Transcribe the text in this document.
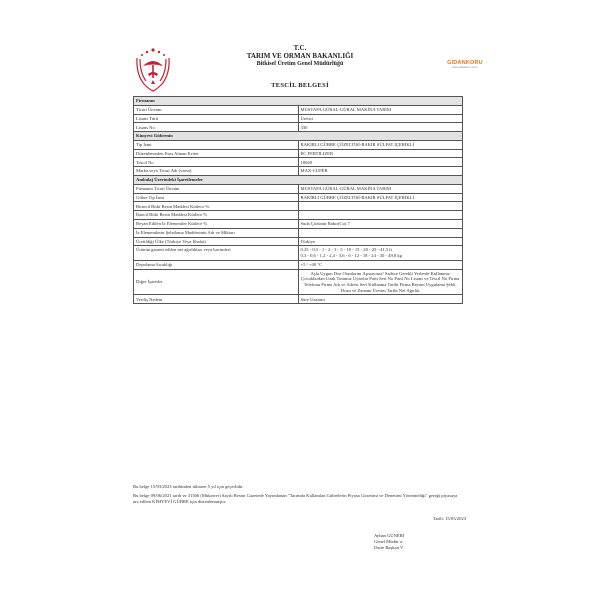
GIDANKORU
www.gidankoru.com.tr
T.C.
TARIM VE ORMAN BAKANLIĞI
Bitkisel Üretim Genel Müdürlüğü
TESCİL BELGESİ
Firmanın	
Ticari Ünvanı	MUSTAFA GÜRAL-GÜRAL MAKİNA TARIM
Lisans Türü	Üretici
Lisans No	330
Kimyevi Gübrenin	
Tip İsmi	BAKIRLI GÜBRE ÇÖZELTİSİ-BAKIR SÜLFAT İÇERİKLİ
Düzenlemeden Esas Alınan Kriter	EC FERTILIZER
Tescil No	18049
Marka veya Ticari Adı (varsa)	MAX-CUPER
Ambalaj Üzerindeki İşaretlemeler	
Firmanın Ticari Ünvanı	MUSTAFA GÜRAL-GÜRAL MAKİNA TARIM
Gübre Tip İsmi	BAKIRLI GÜBRE ÇÖZELTİSİ-BAKIR SÜLFAT İÇERİKLİ
Birincil Bitki Besin Maddesi Kütlece %	
İkincil Bitki Besin Maddesi Kütlece %	
Beyan Edilen İz Elementler Kütlece %	Suda Çözünür Bakır(Cu) 7
İz Elementlerin Şelatlama Maddesinin Adı ve Miktarı	
Üretildiği Ülke (Türkiye Veya İthalat)	Türkiye
Ürünün garanti edilen net ağırlıkları veya hacimleri	0,25 - 0,5 - 1 - 2 - 3 - 5 - 10 - 15 - 20 - 25 - 41,5 lt
0,3 - 0,6 - 1,2 - 2,4 - 3,6 - 6 - 12 - 18 - 24 - 30 - 49,8 kg
Depolama Sıcaklığı	+5 / +40 °C
Diğer İşaretler	Aşla Uygun Doz Oranlarını Aşmayınız! Sadece Gerekli Yerlerde Kullanınız Çocuklardan Uzak Tutunuz Uyarılar Parti Seri No Parti No Lisans ve Tescil No Firma Telefonu Firma Adı ve Adresi Seri Kullanma Tarihi Firma Beyanı Uygulama Şekli, Dozu ve Zamanı Üretim Tarihi Net Ağırlık
Veriliş Nedeni	Süre Uzatımı
Bu belge 15/03/2023 tarihinden itibaren 5 yıl için geçerlidir.
Bu belge 09/06/2021 tarih ve 31506 (Mükerrer) Sayılı Resmi Gazetede Yayımlanan "Tarımda Kullanılan Gübrelerin Piyasa Gözetimi ve Denetimi Yönetmeliği" gereği piyasaya arz edilen KİMYEVİ GÜBRE için düzenlenmiştir.
Tarih: 15/03/2023
Ayhan GÜNERİ
Genel Müdür a.
Daire Başkan V
